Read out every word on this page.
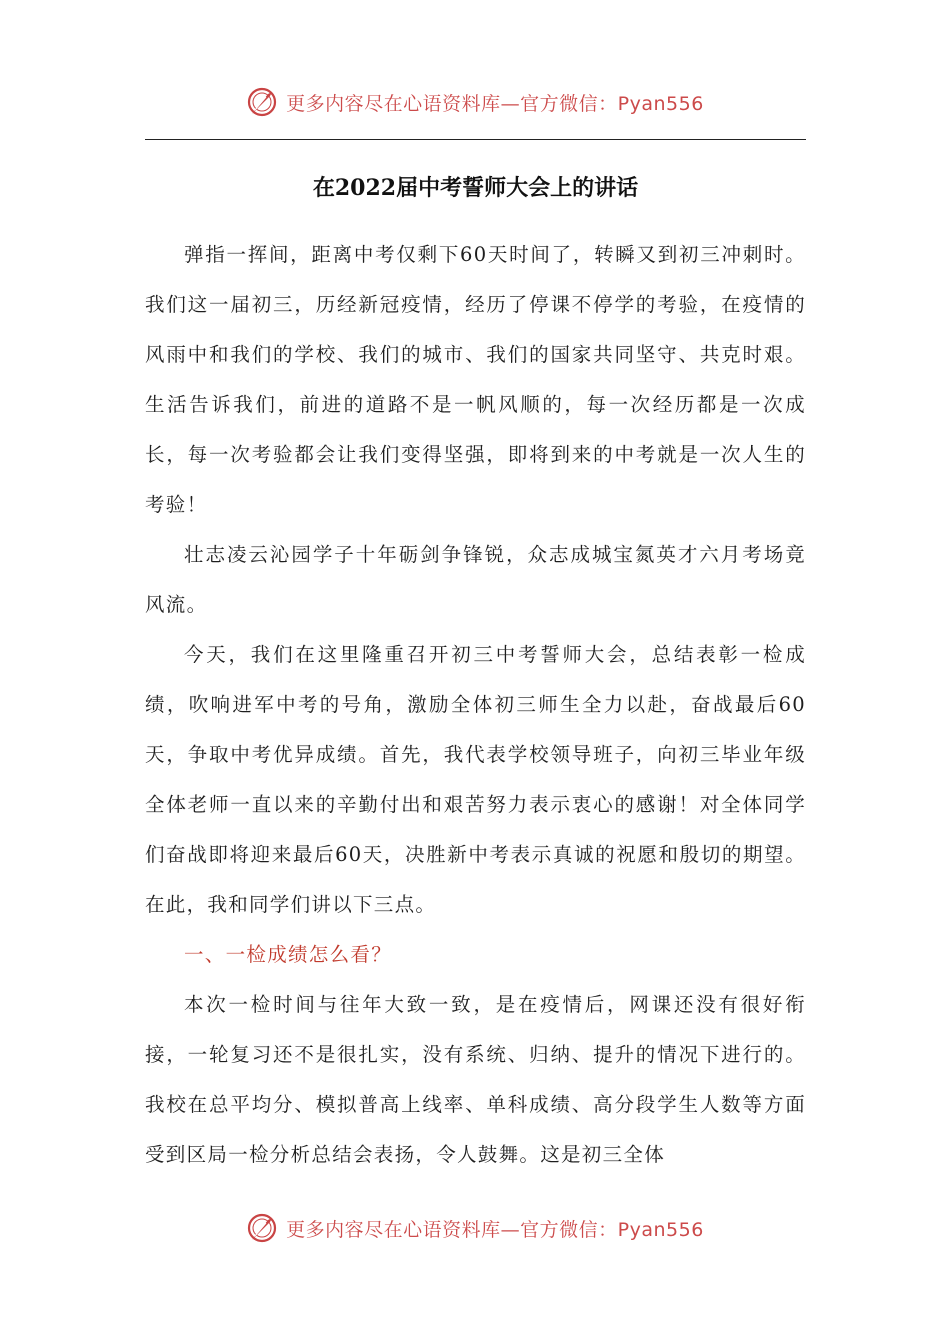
更多内容尽在心语资料库—官方微信：Pyan556
在2022届中考誓师大会上的讲话

弹指一挥间，距离中考仅剩下60天时间了，转瞬又到初三冲刺时。我们这一届初三，历经新冠疫情，经历了停课不停学的考验，在疫情的风雨中和我们的学校、我们的城市、我们的国家共同坚守、共克时艰。生活告诉我们，前进的道路不是一帆风顺的，每一次经历都是一次成长，每一次考验都会让我们变得坚强，即将到来的中考就是一次人生的考验！

壮志凌云沁园学子十年砺剑争锋锐，众志成城宝氮英才六月考场竟风流。

今天，我们在这里隆重召开初三中考誓师大会，总结表彰一检成绩，吹响进军中考的号角，激励全体初三师生全力以赴，奋战最后60天，争取中考优异成绩。首先，我代表学校领导班子，向初三毕业年级全体老师一直以来的辛勤付出和艰苦努力表示衷心的感谢！对全体同学们奋战即将迎来最后60天，决胜新中考表示真诚的祝愿和殷切的期望。在此，我和同学们讲以下三点。

一、一检成绩怎么看？

本次一检时间与往年大致一致，是在疫情后，网课还没有很好衔接，一轮复习还不是很扎实，没有系统、归纳、提升的情况下进行的。我校在总平均分、模拟普高上线率、单科成绩、高分段学生人数等方面受到区局一检分析总结会表扬，令人鼓舞。这是初三全体

更多内容尽在心语资料库—官方微信：Pyan556
